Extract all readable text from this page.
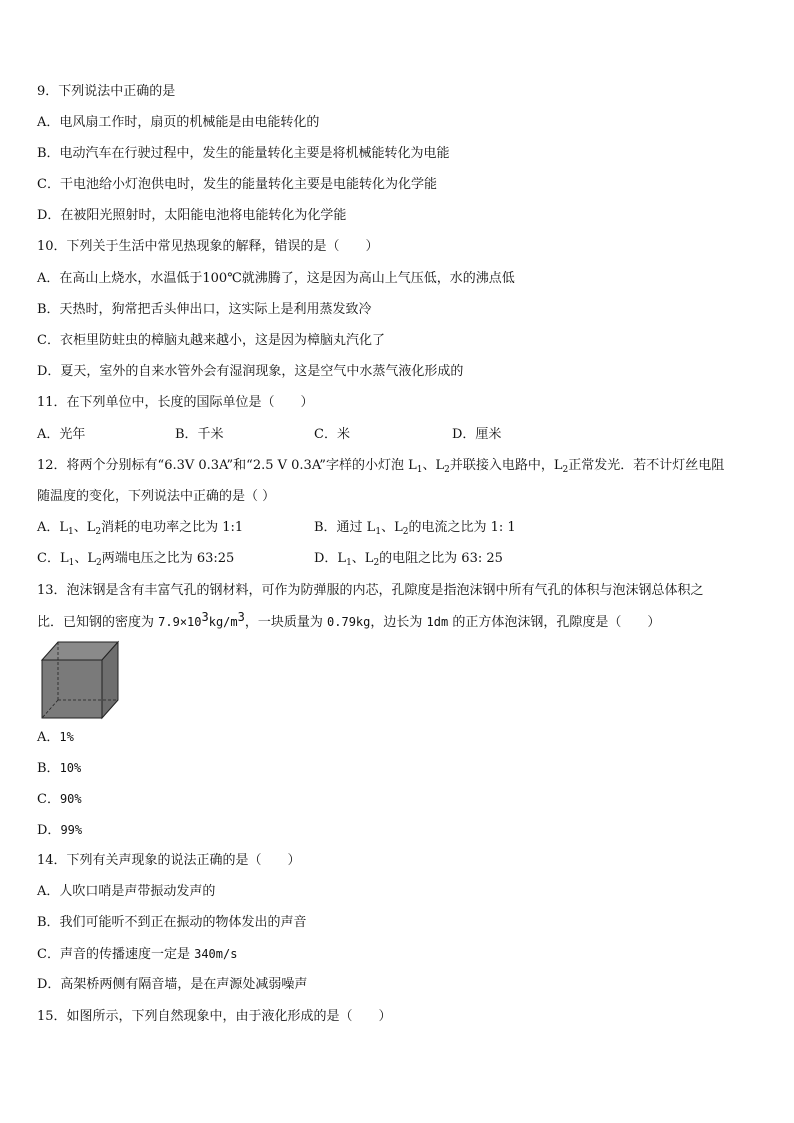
9．下列说法中正确的是
A．电风扇工作时，扇页的机械能是由电能转化的
B．电动汽车在行驶过程中，发生的能量转化主要是将机械能转化为电能
C．干电池给小灯泡供电时，发生的能量转化主要是电能转化为化学能
D．在被阳光照射时，太阳能电池将电能转化为化学能
10．下列关于生活中常见热现象的解释，错误的是（　　）
A．在高山上烧水，水温低于100℃就沸腾了，这是因为高山上气压低，水的沸点低
B．天热时，狗常把舌头伸出口，这实际上是利用蒸发致冷
C．衣柜里防蛀虫的樟脑丸越来越小，这是因为樟脑丸汽化了
D．夏天，室外的自来水管外会有湿润现象，这是空气中水蒸气液化形成的
11．在下列单位中，长度的国际单位是（　　）
A．光年	B．千米	C．米	D．厘米
12．将两个分别标有“6.3V 0.3A”和“2.5 V 0.3A”字样的小灯泡 $L_1$、$L_2$并联接入电路中，$L_2$正常发光．若不计灯丝电阻
随温度的变化，下列说法中正确的是（ ）
A．$L_1$、$L_2$消耗的电功率之比为 1:1	B．通过 $L_1$、$L_2$的电流之比为 1: 1
C．$L_1$、$L_2$两端电压之比为 63:25	D．$L_1$、$L_2$的电阻之比为 63: 25
13．泡沫钢是含有丰富气孔的钢材料，可作为防弹服的内芯，孔隙度是指泡沫钢中所有气孔的体积与泡沫钢总体积之
比．已知钢的密度为 $7.9\times 10^3kg/m^3$，一块质量为 0.79kg，边长为 1dm 的正方体泡沫钢，孔隙度是（　　）
A．1%
B．10%
C．90%
D．99%
14．下列有关声现象的说法正确的是（　　）
A．人吹口哨是声带振动发声的
B．我们可能听不到正在振动的物体发出的声音
C．声音的传播速度一定是 340m/s
D．高架桥两侧有隔音墙，是在声源处减弱噪声
15．如图所示，下列自然现象中，由于液化形成的是（　　）
